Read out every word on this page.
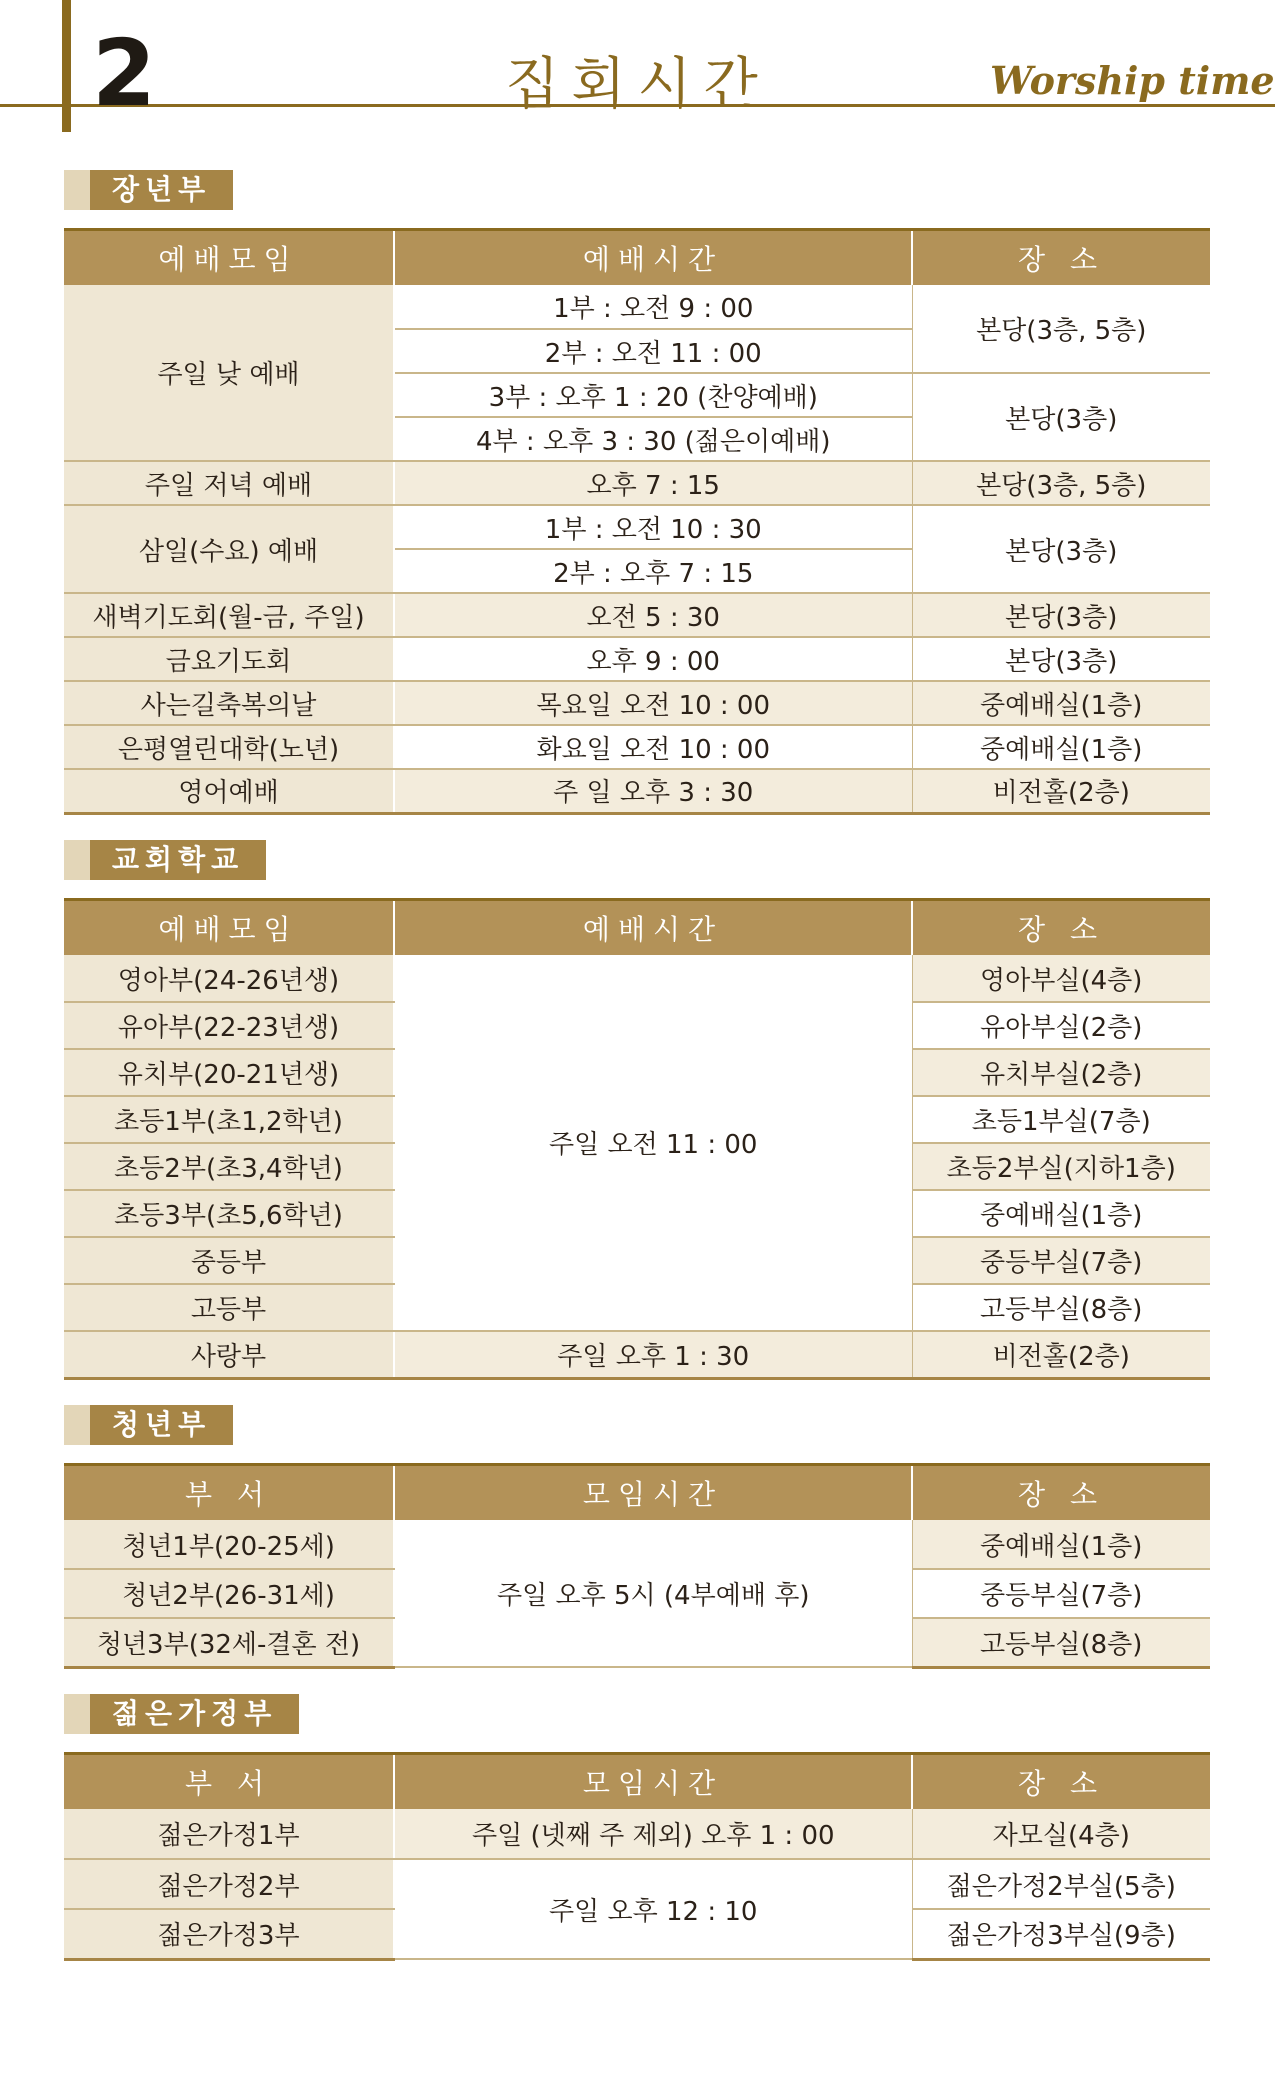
2	집회시간	Worship time
장년부
예배모임	예배시간	장 소
주일 낮 예배	1부 : 오전 9 : 00	본당(3층, 5층)
	2부 : 오전 11 : 00	
	3부 : 오후 1 : 20 (찬양예배)	본당(3층)
	4부 : 오후 3 : 30 (젊은이예배)	
주일 저녁 예배	오후 7 : 15	본당(3층, 5층)
삼일(수요) 예배	1부 : 오전 10 : 30	본당(3층)
	2부 : 오후 7 : 15	
새벽기도회(월-금, 주일)	오전 5 : 30	본당(3층)
금요기도회	오후 9 : 00	본당(3층)
사는길축복의날	목요일 오전 10 : 00	중예배실(1층)
은평열린대학(노년)	화요일 오전 10 : 00	중예배실(1층)
영어예배	주 일 오후 3 : 30	비전홀(2층)
교회학교
예배모임	예배시간	장 소
영아부(24-26년생)	주일 오전 11 : 00	영아부실(4층)
유아부(22-23년생)		유아부실(2층)
유치부(20-21년생)		유치부실(2층)
초등1부(초1,2학년)		초등1부실(7층)
초등2부(초3,4학년)		초등2부실(지하1층)
초등3부(초5,6학년)		중예배실(1층)
중등부		중등부실(7층)
고등부		고등부실(8층)
사랑부	주일 오후 1 : 30	비전홀(2층)
청년부
부 서	모임시간	장 소
청년1부(20-25세)	주일 오후 5시 (4부예배 후)	중예배실(1층)
청년2부(26-31세)		중등부실(7층)
청년3부(32세-결혼 전)		고등부실(8층)
젊은가정부
부 서	모임시간	장 소
젊은가정1부	주일 (넷째 주 제외) 오후 1 : 00	자모실(4층)
젊은가정2부	주일 오후 12 : 10	젊은가정2부실(5층)
젊은가정3부		젊은가정3부실(9층)
